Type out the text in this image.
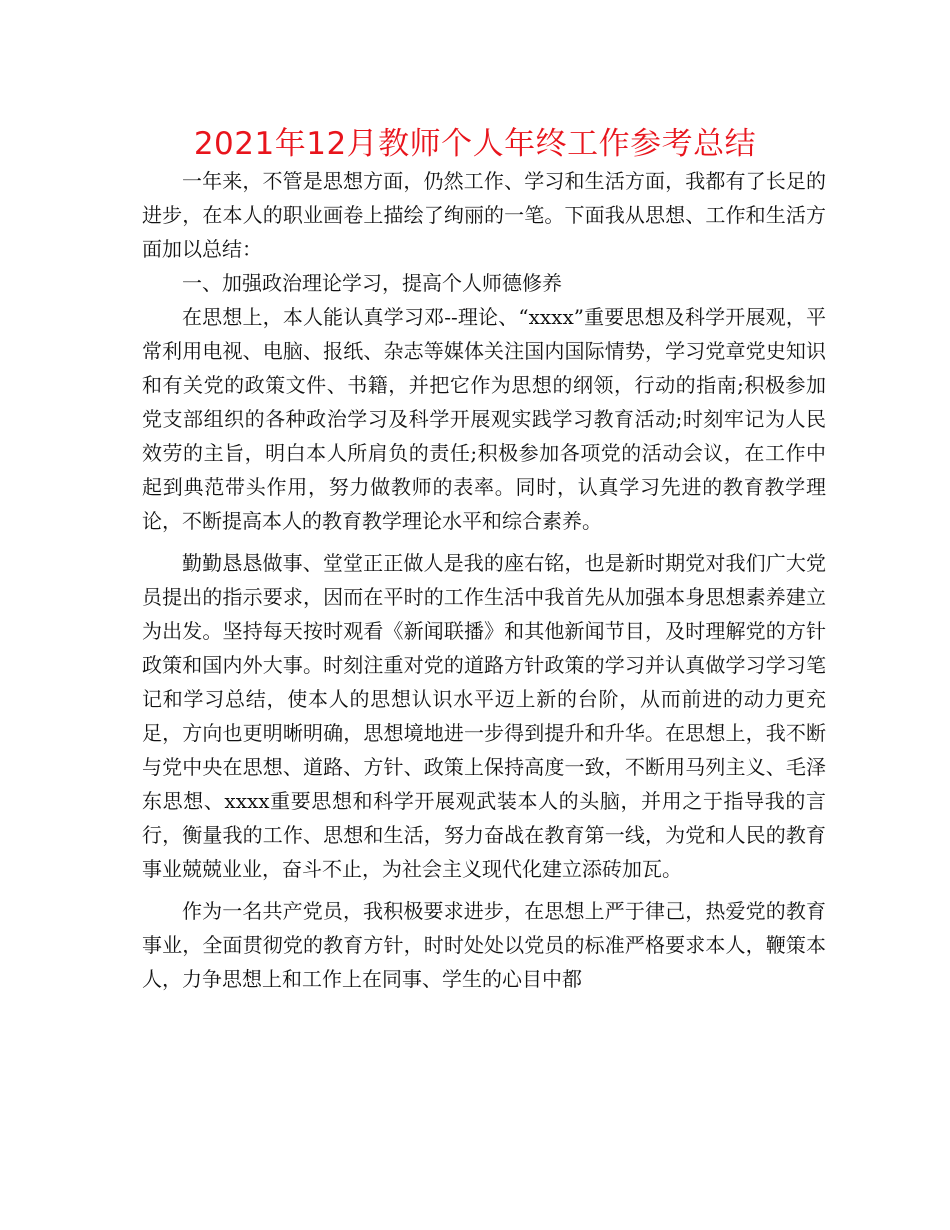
2021年12月教师个人年终工作参考总结

一年来，不管是思想方面，仍然工作、学习和生活方面，我都有了长足的进步，在本人的职业画卷上描绘了绚丽的一笔。下面我从思想、工作和生活方面加以总结：

一、加强政治理论学习，提高个人师德修养

在思想上，本人能认真学习邓--理论、“xxxx”重要思想及科学开展观，平常利用电视、电脑、报纸、杂志等媒体关注国内国际情势，学习党章党史知识和有关党的政策文件、书籍，并把它作为思想的纲领，行动的指南;积极参加党支部组织的各种政治学习及科学开展观实践学习教育活动;时刻牢记为人民效劳的主旨，明白本人所肩负的责任;积极参加各项党的活动会议，在工作中起到典范带头作用，努力做教师的表率。同时，认真学习先进的教育教学理论，不断提高本人的教育教学理论水平和综合素养。

勤勤恳恳做事、堂堂正正做人是我的座右铭，也是新时期党对我们广大党员提出的指示要求，因而在平时的工作生活中我首先从加强本身思想素养建立为出发。坚持每天按时观看《新闻联播》和其他新闻节目，及时理解党的方针政策和国内外大事。时刻注重对党的道路方针政策的学习并认真做学习学习笔记和学习总结，使本人的思想认识水平迈上新的台阶，从而前进的动力更充足，方向也更明晰明确，思想境地进一步得到提升和升华。在思想上，我不断与党中央在思想、道路、方针、政策上保持高度一致，不断用马列主义、毛泽东思想、xxxx重要思想和科学开展观武装本人的头脑，并用之于指导我的言行，衡量我的工作、思想和生活，努力奋战在教育第一线，为党和人民的教育事业兢兢业业，奋斗不止，为社会主义现代化建立添砖加瓦。

作为一名共产党员，我积极要求进步，在思想上严于律己，热爱党的教育事业，全面贯彻党的教育方针，时时处处以党员的标准严格要求本人，鞭策本人，力争思想上和工作上在同事、学生的心目中都
